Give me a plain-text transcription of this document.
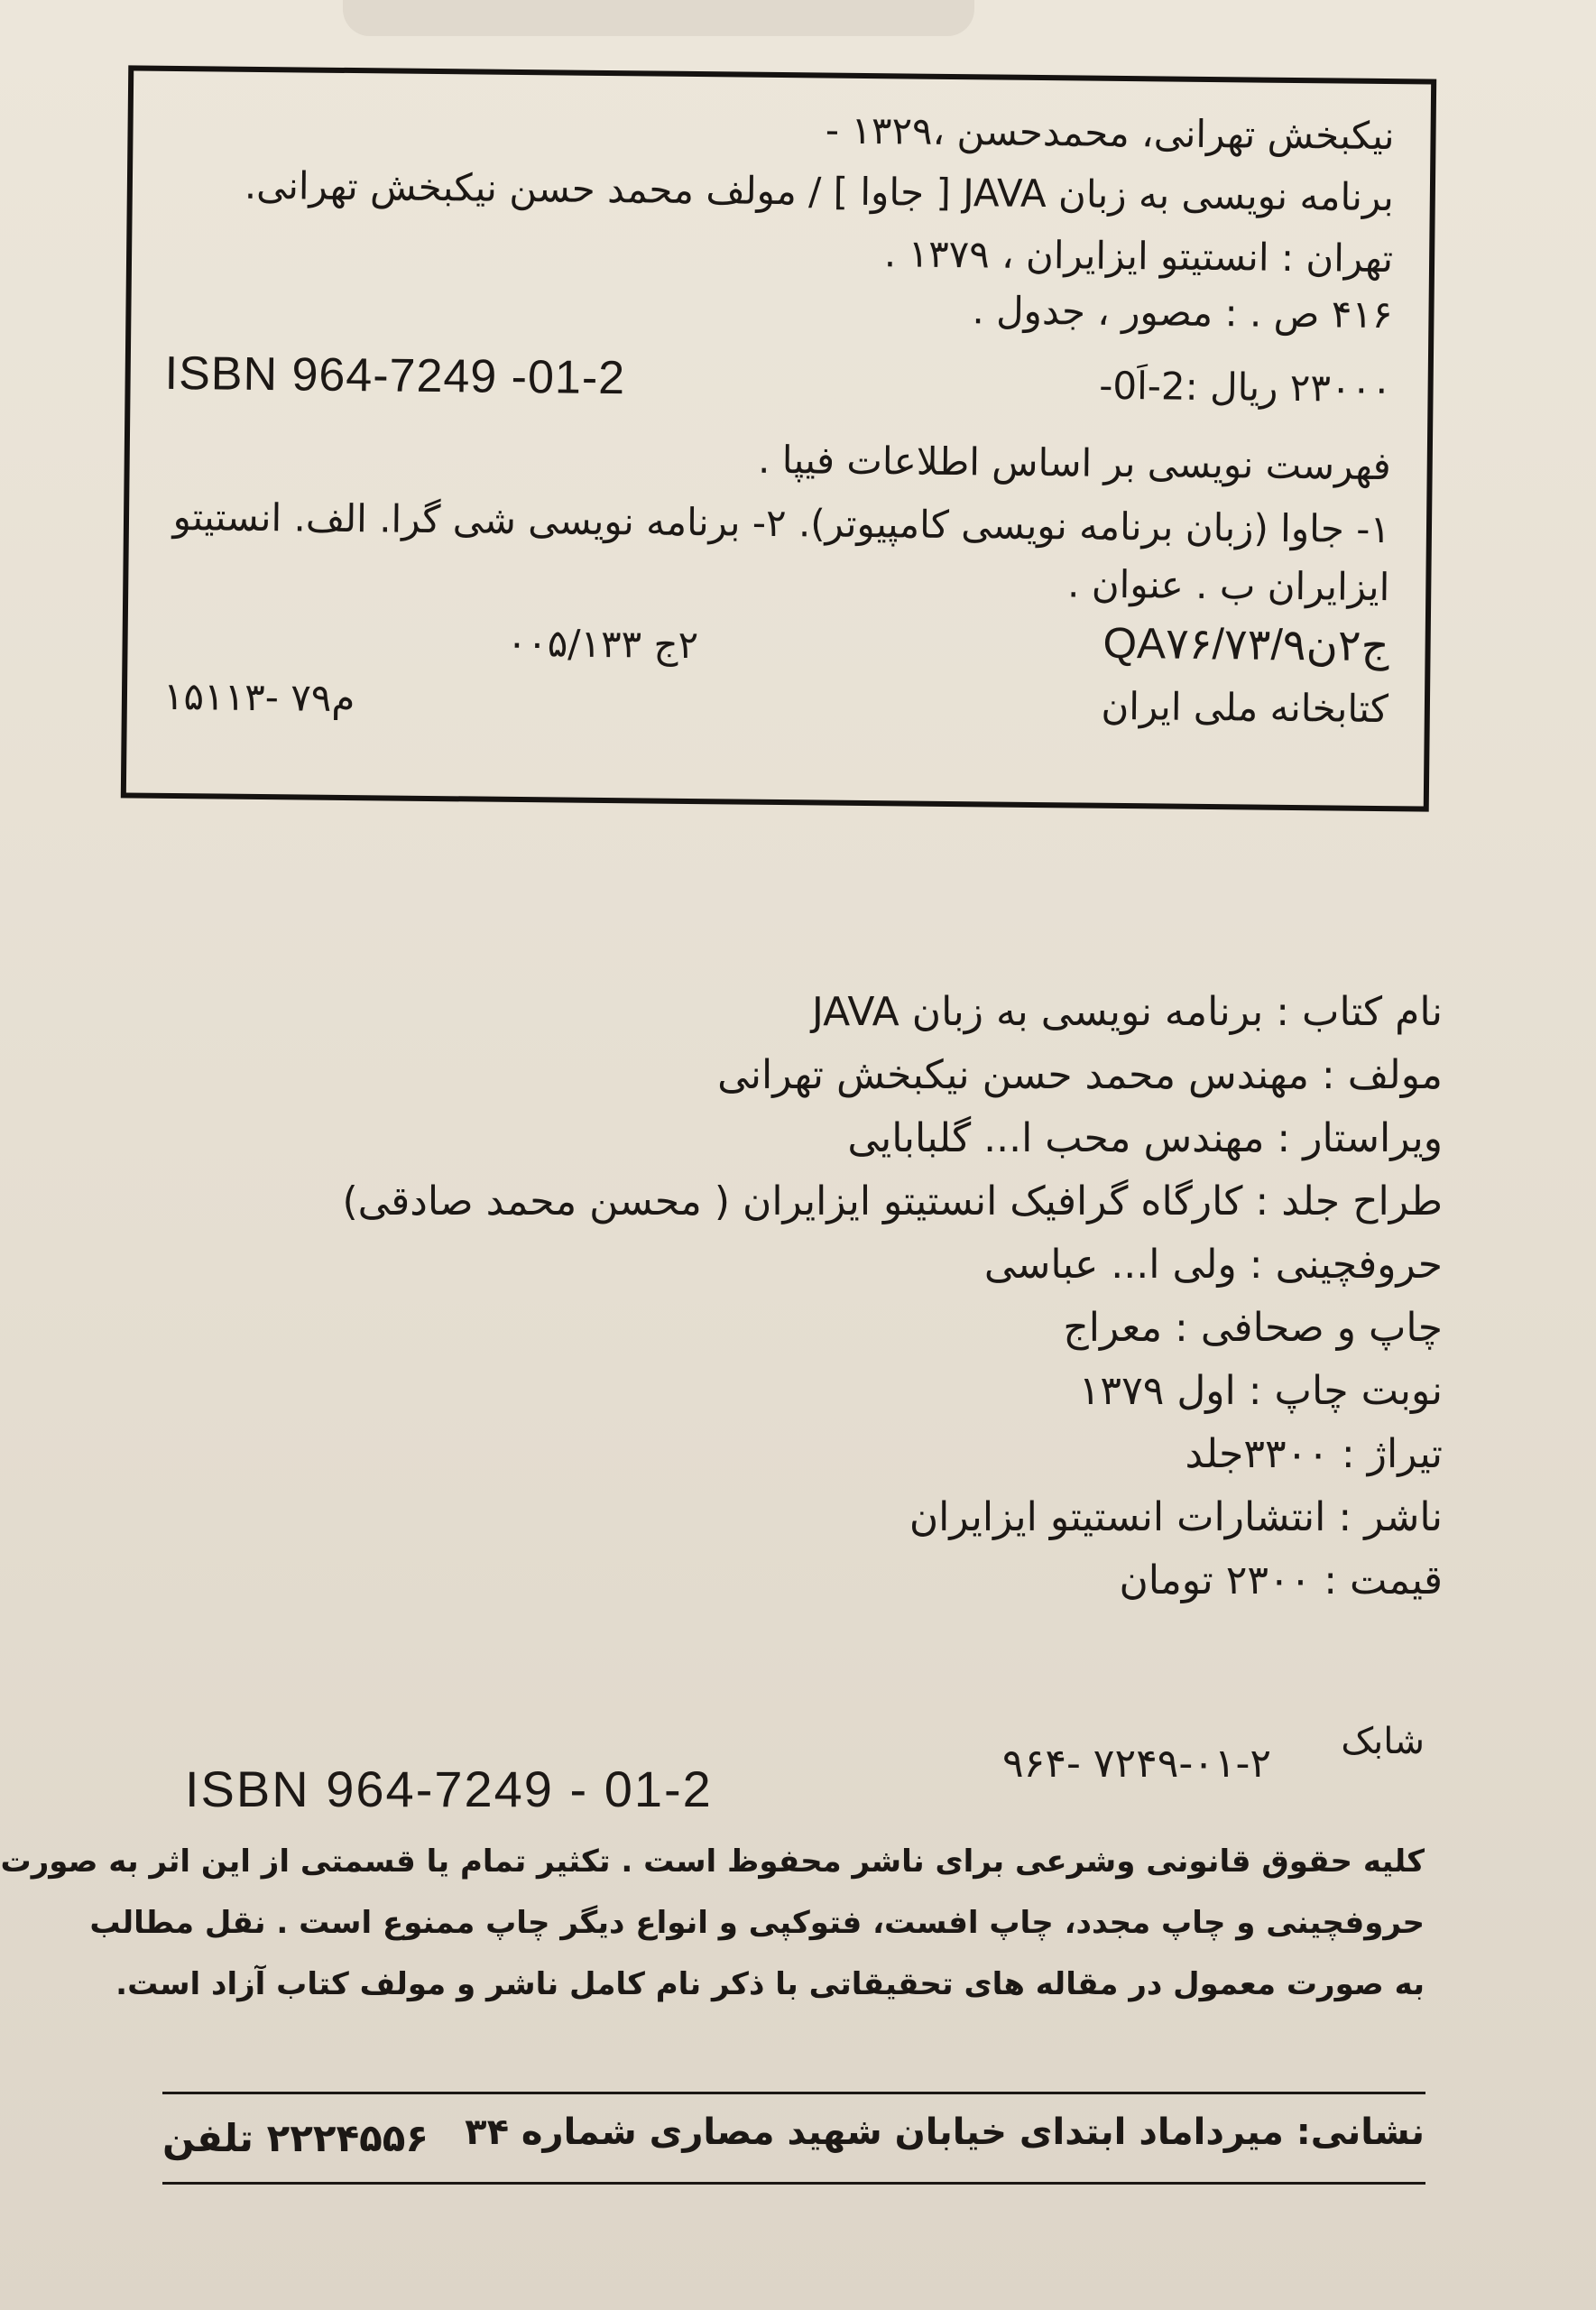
نیکبخش تهرانی، محمدحسن ،۱۳۲۹ -
برنامه نویسی به زبان JAVA [ جاوا ] / مولف محمد حسن نیکبخش تهرانی.
تهران : انستیتو ایزایران ، ۱۳۷۹ .
۴۱۶ ص . : مصور ، جدول .
۲۳۰۰۰ ریال :2-اَ0-
ISBN 964-7249 -01-2
فهرست نویسی بر اساس اطلاعات فیپا .
۱- جاوا (زبان برنامه نویسی کامپیوتر). ۲- برنامه نویسی شی گرا. الف. انستیتو
ایزایران ب . عنوان .
QA۷۶/۷۳/ج۲ن۹
۲ج ۰۰۵/۱۳۳
کتابخانه ملی ایران
م۷۹ -۱۵۱۱۳
نام کتاب : برنامه نویسی به زبان JAVA
مولف : مهندس محمد حسن نیکبخش تهرانی
ویراستار : مهندس محب ا... گلبابایی
طراح جلد : کارگاه گرافیک انستیتو ایزایران ( محسن محمد صادقی)
حروفچینی : ولی ا... عباسی
چاپ و صحافی : معراج
نوبت چاپ : اول ۱۳۷۹
تیراژ : ۳۳۰۰جلد
ناشر : انتشارات انستیتو ایزایران
قیمت : ۲۳۰۰ تومان
شابک
۹۶۴- ۷۲۴۹-۰۱-۲
ISBN 964-7249 - 01-2
کلیه حقوق قانونی وشرعی برای ناشر محفوظ است . تکثیر تمام یا قسمتی از این اثر به صورت
حروفچینی و چاپ مجدد، چاپ افست، فتوکپی و انواع دیگر چاپ ممنوع است . نقل مطالب
به صورت معمول در مقاله های تحقیقاتی با ذکر نام کامل ناشر و مولف کتاب آزاد است.
نشانی: میرداماد ابتدای خیابان شهید مصاری شماره ۳۴
۲۲۲۴۵۵۶ تلفن
